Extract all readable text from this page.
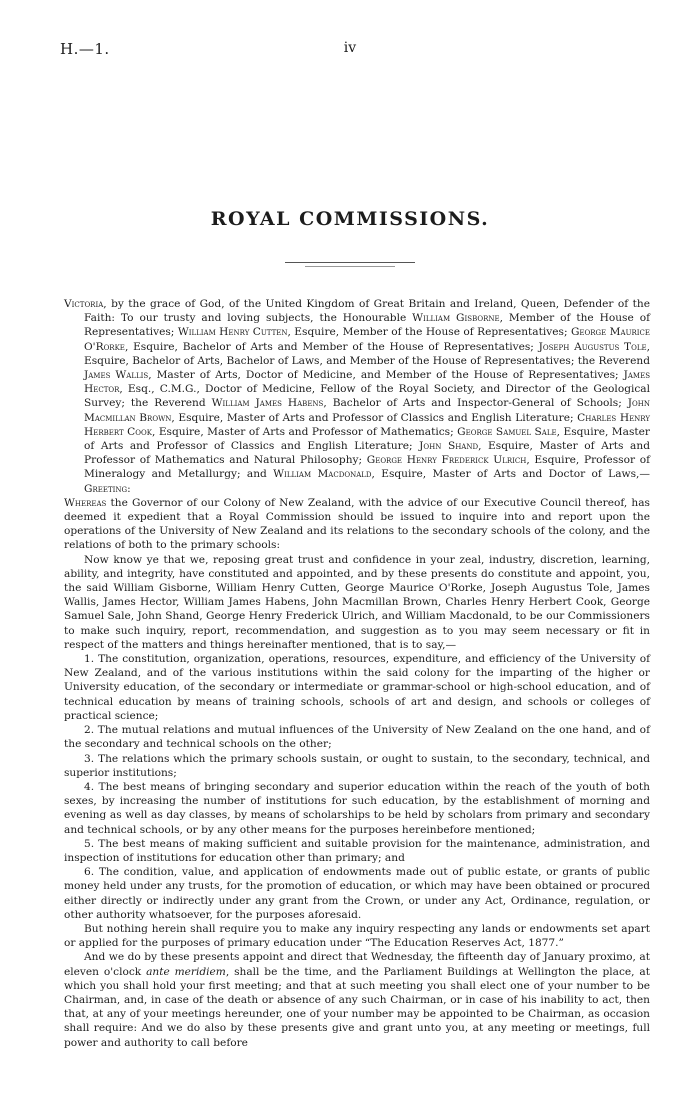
H.—1.	iv
ROYAL COMMISSIONS.

Victoria, by the grace of God, of the United Kingdom of Great Britain and Ireland, Queen, Defender of the Faith: To our trusty and loving subjects, the Honourable William Gisborne, Member of the House of Representatives; William Henry Cutten, Esquire, Member of the House of Representatives; George Maurice O'Rorke, Esquire, Bachelor of Arts and Member of the House of Representatives; Joseph Augustus Tole, Esquire, Bachelor of Arts, Bachelor of Laws, and Member of the House of Representatives; the Reverend James Wallis, Master of Arts, Doctor of Medicine, and Member of the House of Representatives; James Hector, Esq., C.M.G., Doctor of Medicine, Fellow of the Royal Society, and Director of the Geological Survey; the Reverend William James Habens, Bachelor of Arts and Inspector-General of Schools; John Macmillan Brown, Esquire, Master of Arts and Professor of Classics and English Literature; Charles Henry Herbert Cook, Esquire, Master of Arts and Professor of Mathematics; George Samuel Sale, Esquire, Master of Arts and Professor of Classics and English Literature; John Shand, Esquire, Master of Arts and Professor of Mathematics and Natural Philosophy; George Henry Frederick Ulrich, Esquire, Professor of Mineralogy and Metallurgy; and William Macdonald, Esquire, Master of Arts and Doctor of Laws,—Greeting:

Whereas the Governor of our Colony of New Zealand, with the advice of our Executive Council thereof, has deemed it expedient that a Royal Commission should be issued to inquire into and report upon the operations of the University of New Zealand and its relations to the secondary schools of the colony, and the relations of both to the primary schools:

Now know ye that we, reposing great trust and confidence in your zeal, industry, discretion, learning, ability, and integrity, have constituted and appointed, and by these presents do constitute and appoint, you, the said William Gisborne, William Henry Cutten, George Maurice O'Rorke, Joseph Augustus Tole, James Wallis, James Hector, William James Habens, John Macmillan Brown, Charles Henry Herbert Cook, George Samuel Sale, John Shand, George Henry Frederick Ulrich, and William Macdonald, to be our Commissioners to make such inquiry, report, recommendation, and suggestion as to you may seem necessary or fit in respect of the matters and things hereinafter mentioned, that is to say,—

1. The constitution, organization, operations, resources, expenditure, and efficiency of the University of New Zealand, and of the various institutions within the said colony for the imparting of the higher or University education, of the secondary or intermediate or grammar-school or high-school education, and of technical education by means of training schools, schools of art and design, and schools or colleges of practical science;

2. The mutual relations and mutual influences of the University of New Zealand on the one hand, and of the secondary and technical schools on the other;

3. The relations which the primary schools sustain, or ought to sustain, to the secondary, technical, and superior institutions;

4. The best means of bringing secondary and superior education within the reach of the youth of both sexes, by increasing the number of institutions for such education, by the establishment of morning and evening as well as day classes, by means of scholarships to be held by scholars from primary and secondary and technical schools, or by any other means for the purposes hereinbefore mentioned;

5. The best means of making sufficient and suitable provision for the maintenance, administration, and inspection of institutions for education other than primary; and

6. The condition, value, and application of endowments made out of public estate, or grants of public money held under any trusts, for the promotion of education, or which may have been obtained or procured either directly or indirectly under any grant from the Crown, or under any Act, Ordinance, regulation, or other authority whatsoever, for the purposes aforesaid.

But nothing herein shall require you to make any inquiry respecting any lands or endowments set apart or applied for the purposes of primary education under “The Education Reserves Act, 1877.”

And we do by these presents appoint and direct that Wednesday, the fifteenth day of January proximo, at eleven o'clock ante meridiem, shall be the time, and the Parliament Buildings at Wellington the place, at which you shall hold your first meeting; and that at such meeting you shall elect one of your number to be Chairman, and, in case of the death or absence of any such Chairman, or in case of his inability to act, then that, at any of your meetings hereunder, one of your number may be appointed to be Chairman, as occasion shall require: And we do also by these presents give and grant unto you, at any meeting or meetings, full power and authority to call before
